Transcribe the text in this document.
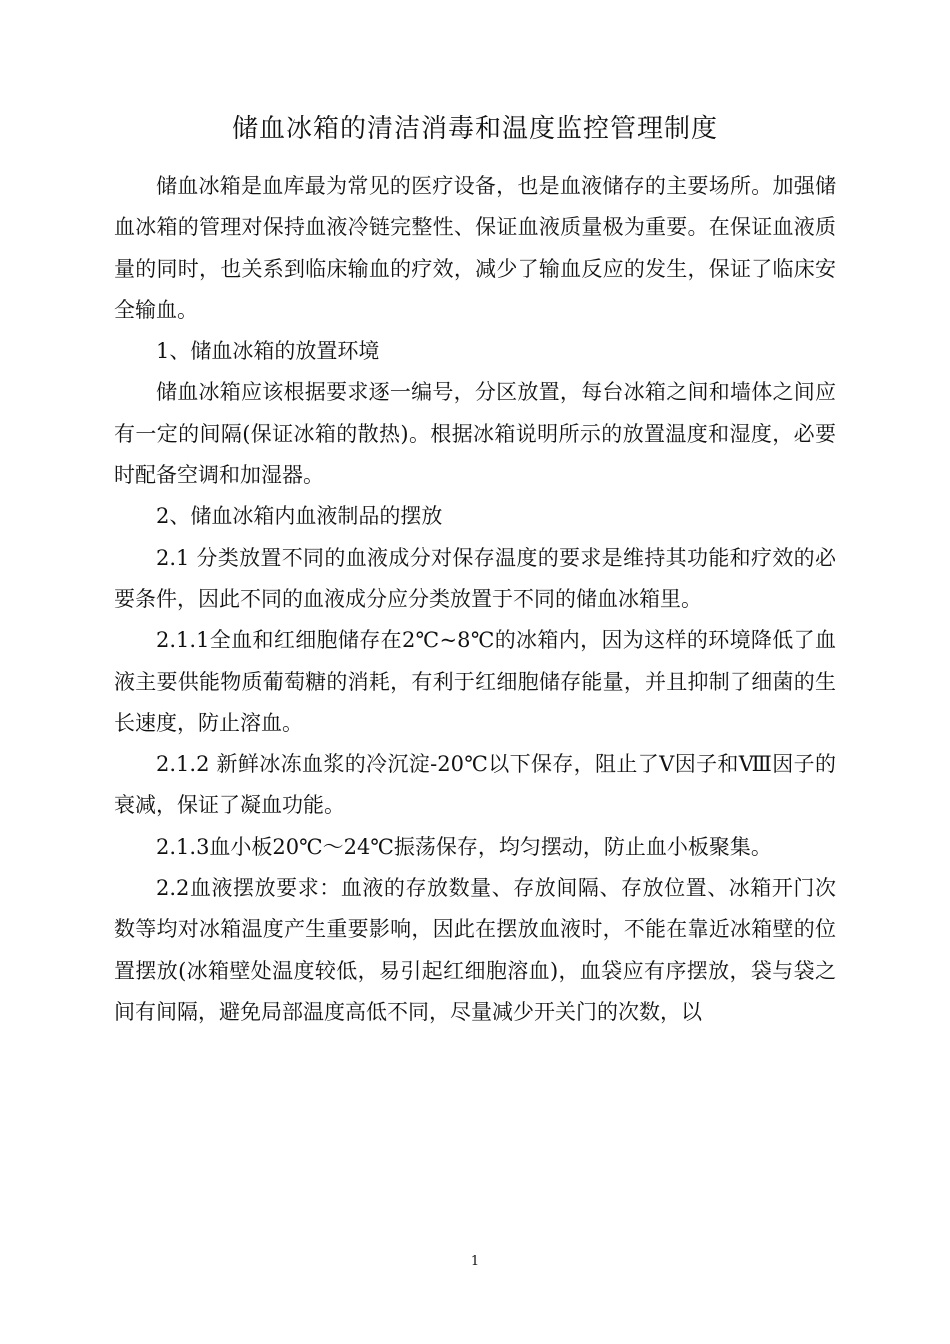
储血冰箱的清洁消毒和温度监控管理制度

储血冰箱是血库最为常见的医疗设备，也是血液储存的主要场所。加强储血冰箱的管理对保持血液冷链完整性、保证血液质量极为重要。在保证血液质量的同时，也关系到临床输血的疗效，减少了输血反应的发生，保证了临床安全输血。

1、储血冰箱的放置环境

储血冰箱应该根据要求逐一编号，分区放置，每台冰箱之间和墙体之间应有一定的间隔(保证冰箱的散热)。根据冰箱说明所示的放置温度和湿度，必要时配备空调和加湿器。

2、储血冰箱内血液制品的摆放

2.1 分类放置不同的血液成分对保存温度的要求是维持其功能和疗效的必要条件，因此不同的血液成分应分类放置于不同的储血冰箱里。

2.1.1全血和红细胞储存在2℃~8℃的冰箱内，因为这样的环境降低了血液主要供能物质葡萄糖的消耗，有利于红细胞储存能量，并且抑制了细菌的生长速度，防止溶血。

2.1.2 新鲜冰冻血浆的冷沉淀-20℃以下保存，阻止了Ⅴ因子和Ⅷ因子的衰减，保证了凝血功能。

2.1.3血小板20℃～24℃振荡保存，均匀摆动，防止血小板聚集。

2.2血液摆放要求：血液的存放数量、存放间隔、存放位置、冰箱开门次数等均对冰箱温度产生重要影响，因此在摆放血液时，不能在靠近冰箱壁的位置摆放(冰箱壁处温度较低，易引起红细胞溶血)，血袋应有序摆放，袋与袋之间有间隔，避免局部温度高低不同，尽量减少开关门的次数，以

1
